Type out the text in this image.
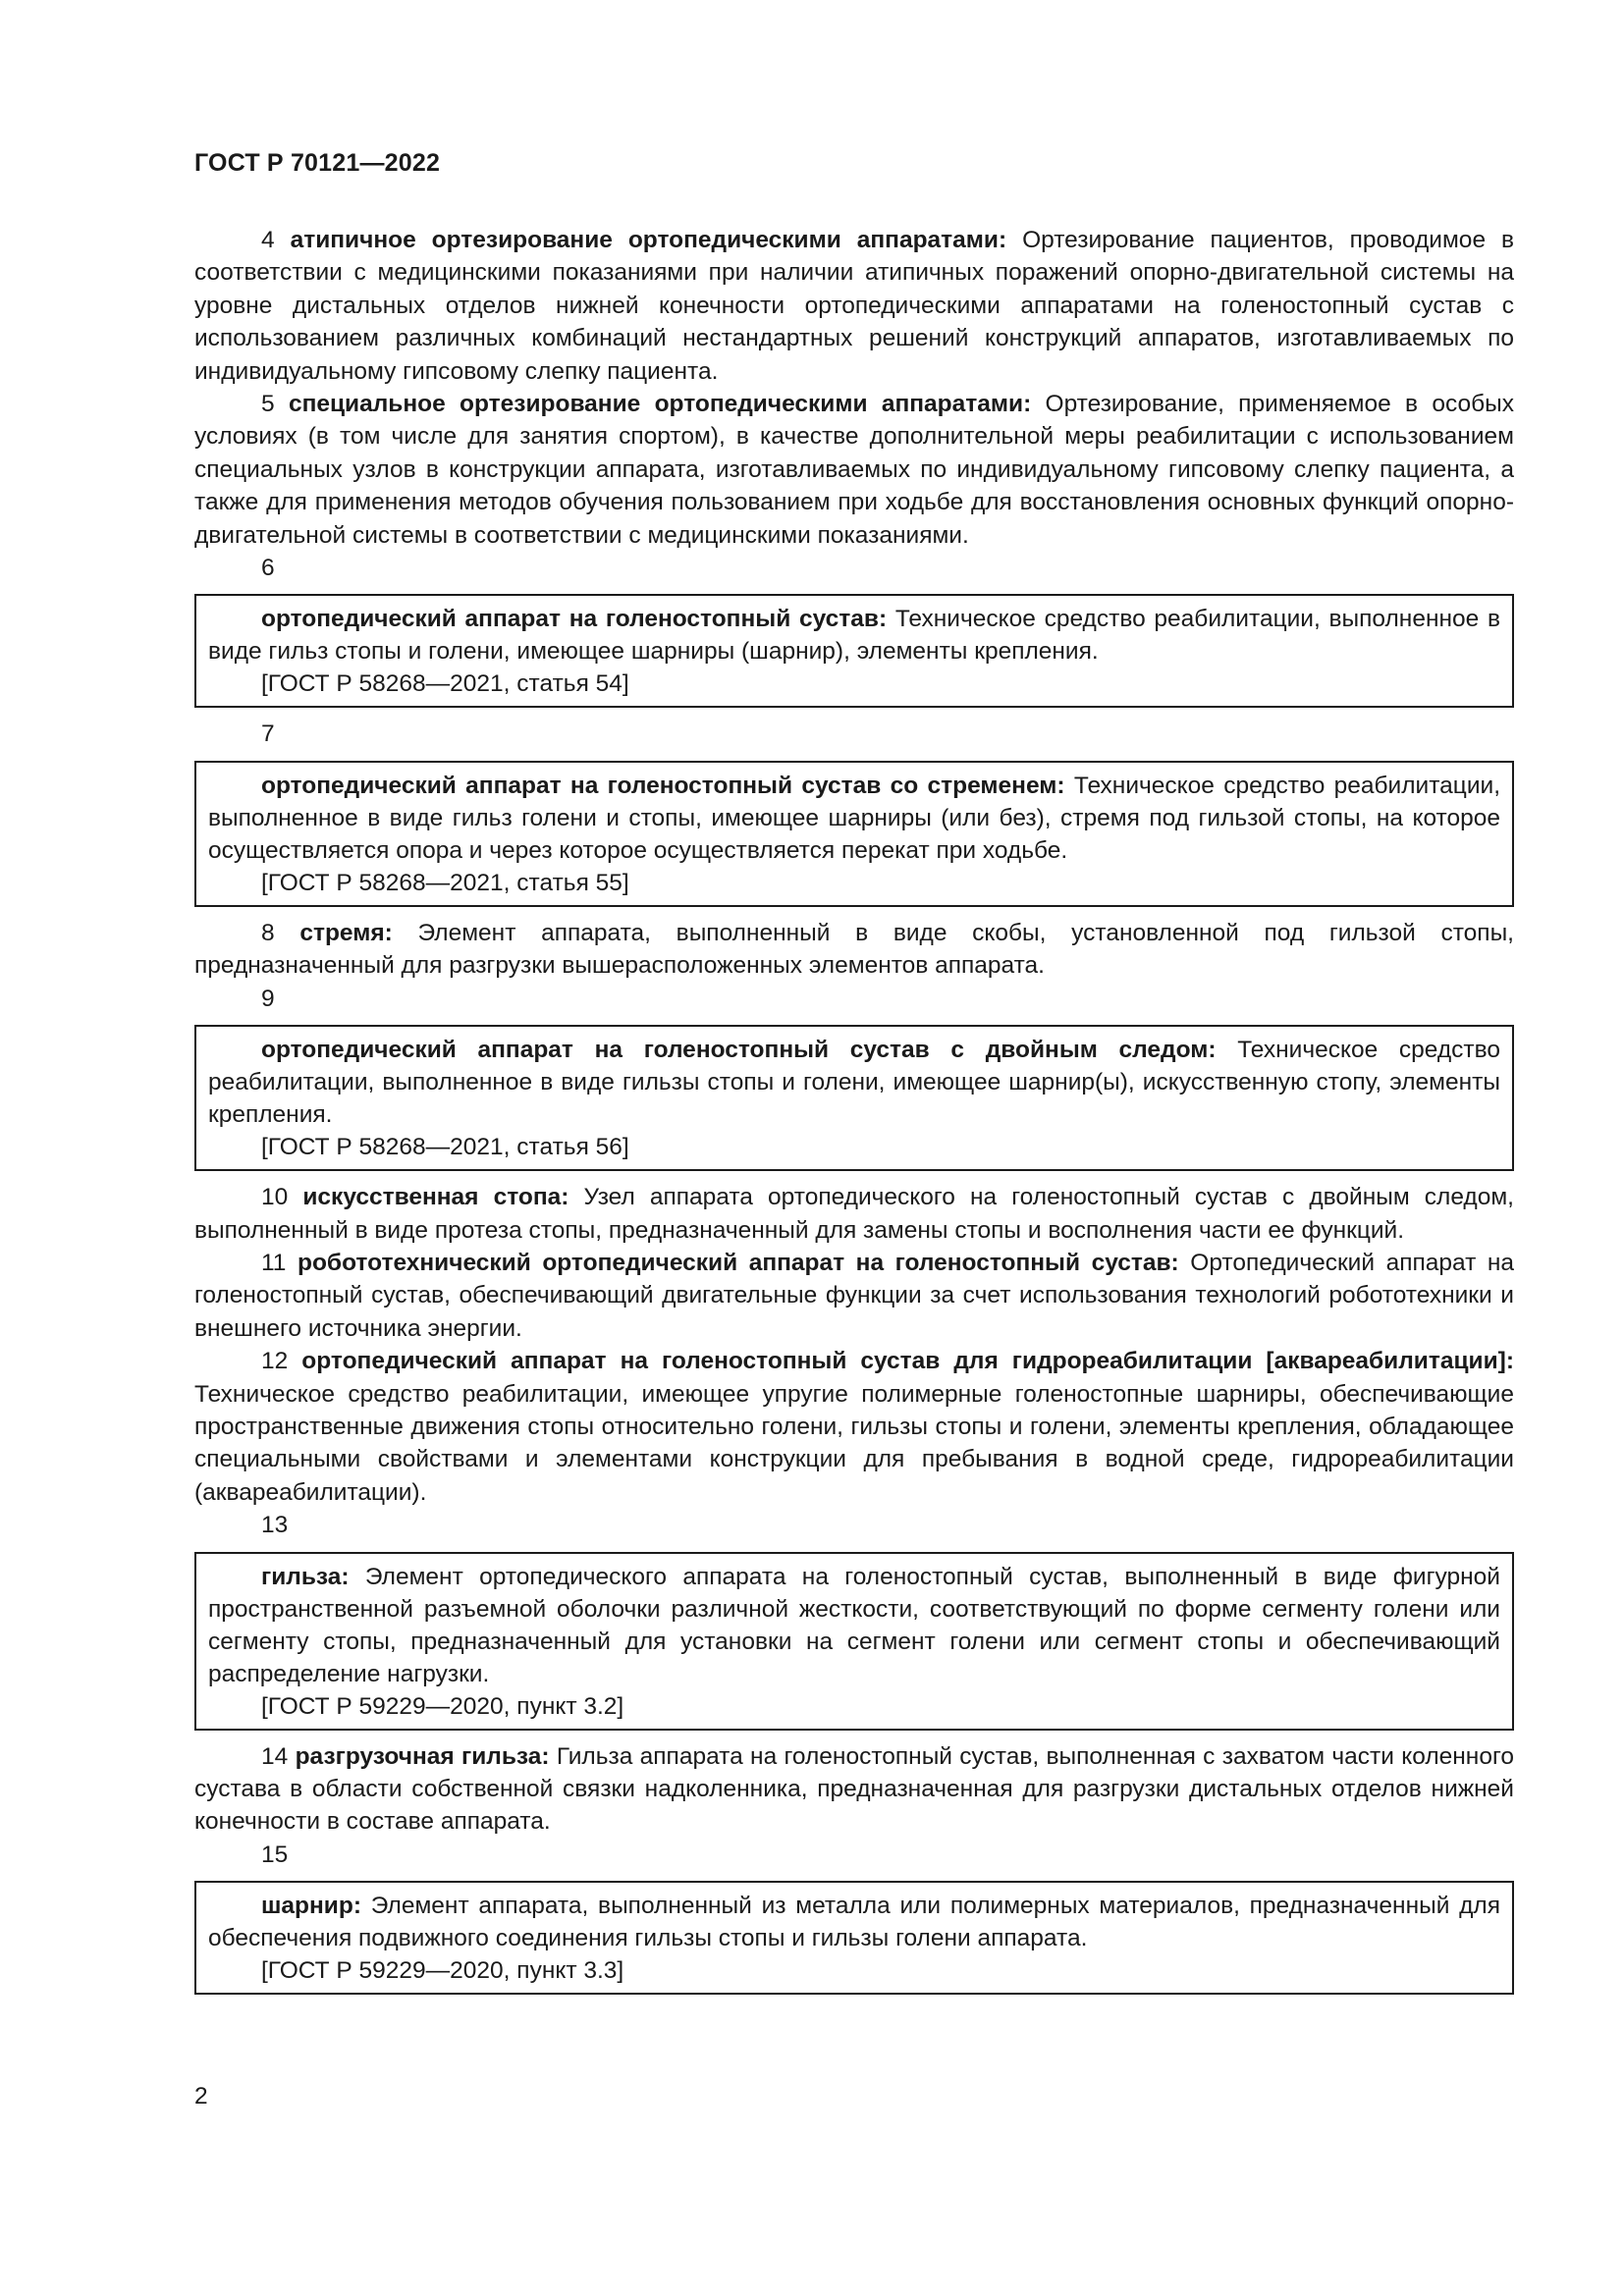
ГОСТ Р 70121—2022

4 атипичное ортезирование ортопедическими аппаратами: Ортезирование пациентов, проводимое в соответствии с медицинскими показаниями при наличии атипичных поражений опорно-двигательной системы на уровне дистальных отделов нижней конечности ортопедическими аппаратами на голеностопный сустав с использованием различных комбинаций нестандартных решений конструкций аппаратов, изготавливаемых по индивидуальному гипсовому слепку пациента.

5 специальное ортезирование ортопедическими аппаратами: Ортезирование, применяемое в особых условиях (в том числе для занятия спортом), в качестве дополнительной меры реабилитации с использованием специальных узлов в конструкции аппарата, изготавливаемых по индивидуальному гипсовому слепку пациента, а также для применения методов обучения пользованием при ходьбе для восстановления основных функций опорно-двигательной системы в соответствии с медицинскими показаниями.

6

ортопедический аппарат на голеностопный сустав: Техническое средство реабилитации, выполненное в виде гильз стопы и голени, имеющее шарниры (шарнир), элементы крепления.

[ГОСТ Р 58268—2021, статья 54]
7

ортопедический аппарат на голеностопный сустав со стременем: Техническое средство реабилитации, выполненное в виде гильз голени и стопы, имеющее шарниры (или без), стремя под гильзой стопы, на которое осуществляется опора и через которое осуществляется перекат при ходьбе.

[ГОСТ Р 58268—2021, статья 55]

8 стремя: Элемент аппарата, выполненный в виде скобы, установленной под гильзой стопы, предназначенный для разгрузки вышерасположенных элементов аппарата.

9

ортопедический аппарат на голеностопный сустав с двойным следом: Техническое средство реабилитации, выполненное в виде гильзы стопы и голени, имеющее шарнир(ы), искусственную стопу, элементы крепления.

[ГОСТ Р 58268—2021, статья 56]

10 искусственная стопа: Узел аппарата ортопедического на голеностопный сустав с двойным следом, выполненный в виде протеза стопы, предназначенный для замены стопы и восполнения части ее функций.

11 робототехнический ортопедический аппарат на голеностопный сустав: Ортопедический аппарат на голеностопный сустав, обеспечивающий двигательные функции за счет использования технологий робототехники и внешнего источника энергии.

12 ортопедический аппарат на голеностопный сустав для гидрореабилитации [акварeабилитации]: Техническое средство реабилитации, имеющее упругие полимерные голеностопные шарниры, обеспечивающие пространственные движения стопы относительно голени, гильзы стопы и голени, элементы крепления, обладающее специальными свойствами и элементами конструкции для пребывания в водной среде, гидрореабилитации (аквареабилитации).

13

гильза: Элемент ортопедического аппарата на голеностопный сустав, выполненный в виде фигурной пространственной разъемной оболочки различной жесткости, соответствующий по форме сегменту голени или сегменту стопы, предназначенный для установки на сегмент голени или сегмент стопы и обеспечивающий распределение нагрузки.

[ГОСТ Р 59229—2020, пункт 3.2]

14 разгрузочная гильза: Гильза аппарата на голеностопный сустав, выполненная с захватом части коленного сустава в области собственной связки надколенника, предназначенная для разгрузки дистальных отделов нижней конечности в составе аппарата.

15

шарнир: Элемент аппарата, выполненный из металла или полимерных материалов, предназначенный для обеспечения подвижного соединения гильзы стопы и гильзы голени аппарата.

[ГОСТ Р 59229—2020, пункт 3.3]
2
